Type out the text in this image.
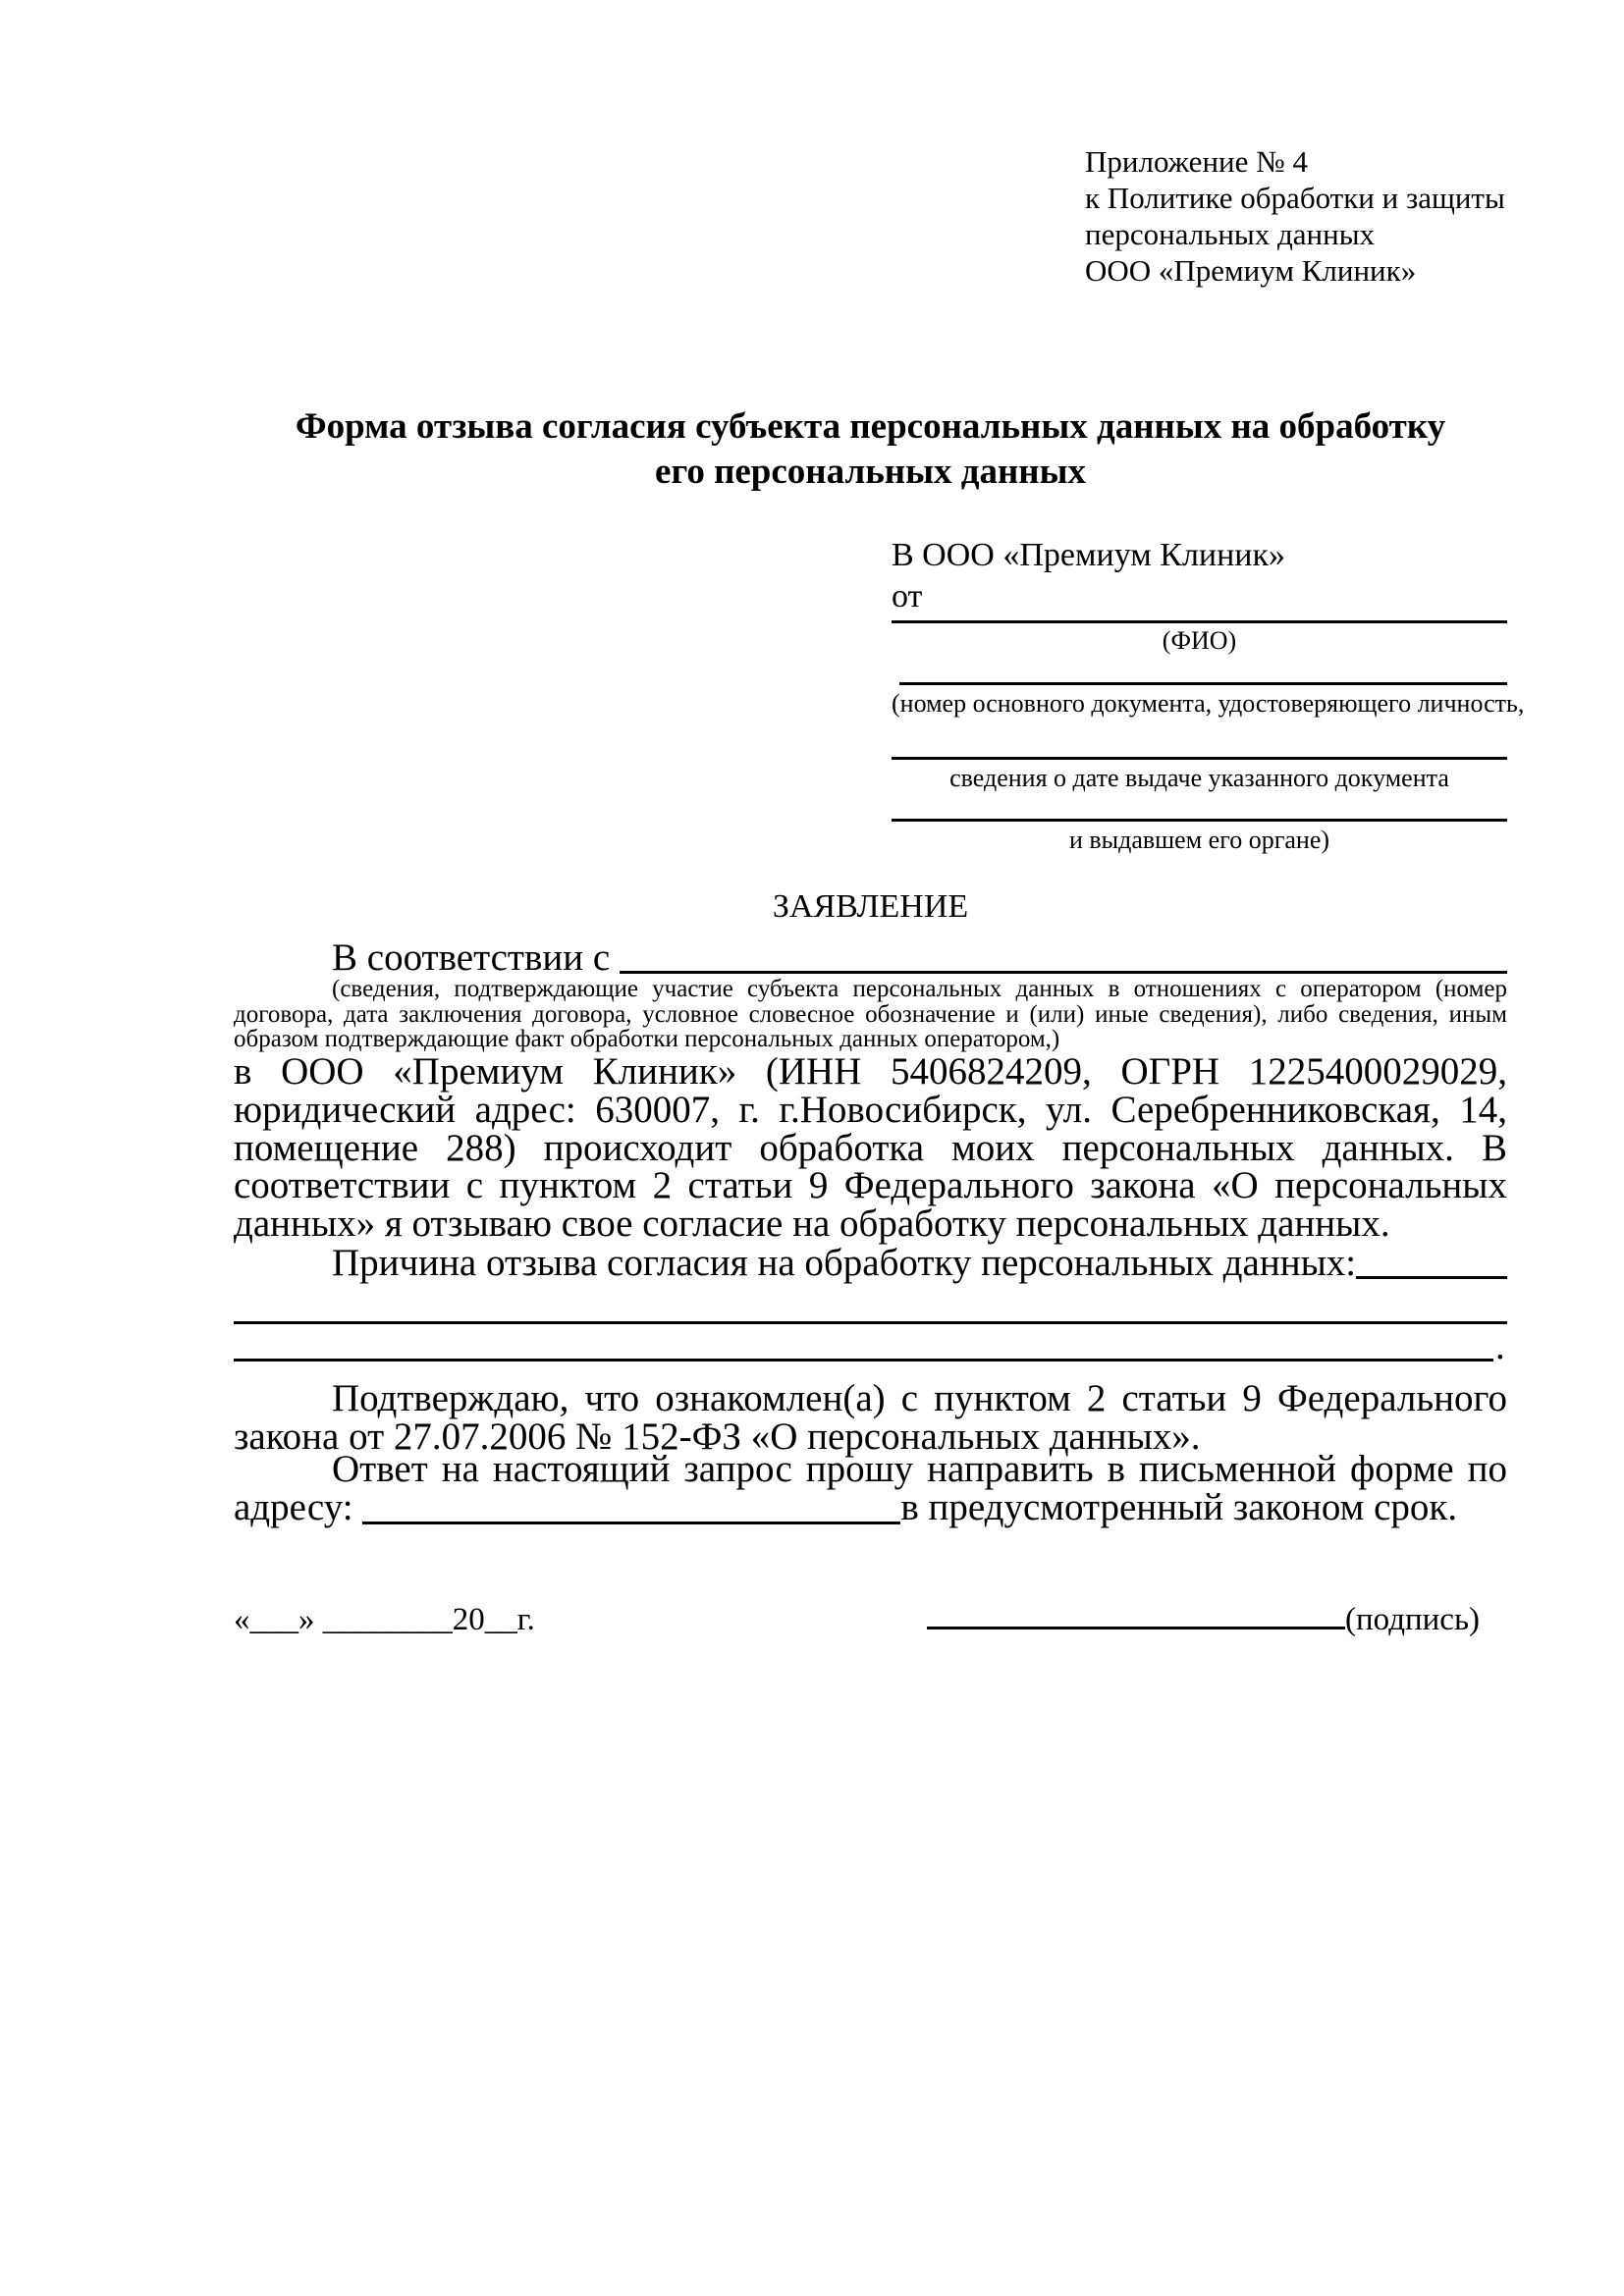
Приложение № 4
к Политике обработки и защиты
персональных данных
ООО «Премиум Клиник»
Форма отзыва согласия субъекта персональных данных на обработку
его персональных данных
В ООО «Премиум Клиник»
от
(ФИО)
(номер основного документа, удостоверяющего личность,
сведения о дате выдаче указанного документа
и выдавшем его органе)
ЗАЯВЛЕНИЕ
В соответствии с

(сведения, подтверждающие участие субъекта персональных данных в отношениях с оператором (номер договора, дата заключения договора, условное словесное обозначение и (или) иные сведения), либо сведения, иным образом подтверждающие факт обработки персональных данных оператором,)
в ООО «Премиум Клиник» (ИНН 5406824209, ОГРН 1225400029029, юридический адрес: 630007, г. г.Новосибирск, ул. Серебренниковская, 14, помещение 288) происходит обработка моих персональных данных. В соответствии с пунктом 2 статьи 9 Федерального закона «О персональных данных» я отзываю свое согласие на обработку персональных данных.
Причина отзыва согласия на обработку персональных данных:
.
Подтверждаю, что ознакомлен(а) с пунктом 2 статьи 9 Федерального закона от 27.07.2006 № 152-ФЗ «О персональных данных».
Ответ на настоящий запрос прошу направить в письменной форме по адресу:	в предусмотренный законом срок.
«___» ________20__г.	(подпись)
